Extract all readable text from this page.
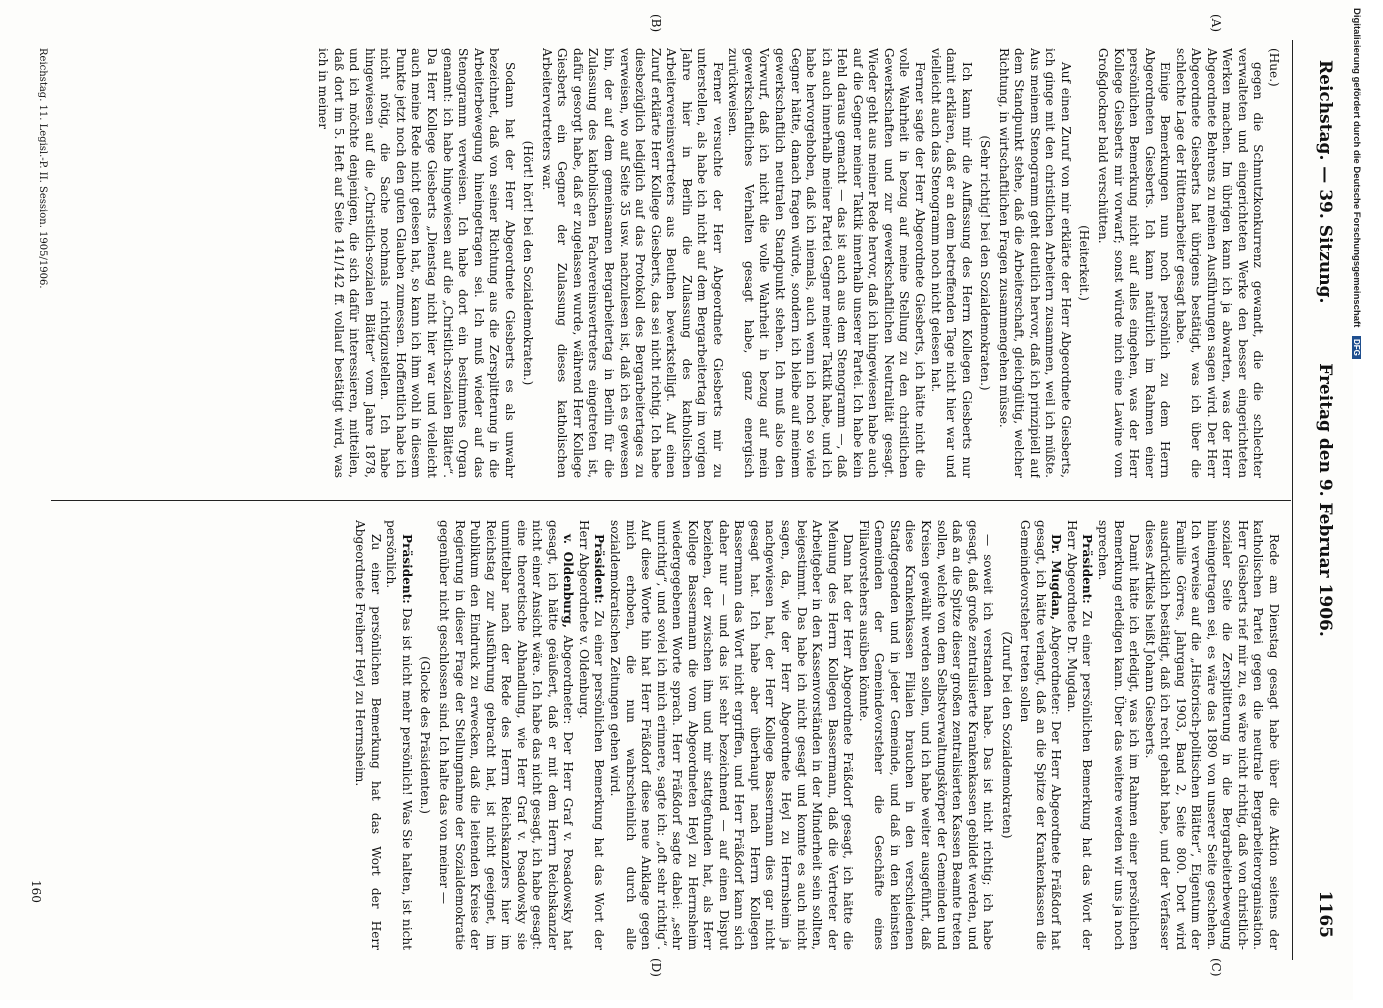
Reichstag. — 39. Sitzung.
Freitag den 9. Februar 1906.
1165
(A)
(B)
(C)
(D)

(Hue.)

gegen die Schmutzkonkurrenz gewandt, die die schlechter verwalteten und eingerichteten Werke den besser eingerichteten Werken machen. Im übrigen kann ich ja abwarten, was der Herr Abgeordnete Behrens zu meinen Ausführungen sagen wird. Der Herr Abgeordnete Giesberts hat übrigens bestätigt, was ich über die schlechte Lage der Hüttenarbeiter gesagt habe.

Einige Bemerkungen nun noch persönlich zu dem Herrn Abgeordneten Giesberts. Ich kann natürlich im Rahmen einer persönlichen Bemerkung nicht auf alles eingehen, was der Herr Kollege Giesberts mir vorwarf; sonst würde mich eine Lawine vom Großglockner bald verschütten.

(Heiterkeit.)

Auf einen Zuruf von mir erklärte der Herr Abgeordnete Giesberts, ich ginge mit den christlichen Arbeitern zusammen, weil ich müßte. Aus meinem Stenogramm geht deutlich hervor, daß ich prinzipiell auf dem Standpunkt stehe, daß die Arbeiterschaft, gleichgültig, welcher Richtung, in wirtschaftlichen Fragen zusammengehen müsse.

(Sehr richtig! bei den Sozialdemokraten.)

Ich kann mir die Auffassung des Herrn Kollegen Giesberts nur damit erklären, daß er an dem betreffenden Tage nicht hier war und vielleicht auch das Stenogramm noch nicht gelesen hat.

Ferner sagte der Herr Abgeordnete Giesberts, ich hätte nicht die volle Wahrheit in bezug auf meine Stellung zu den christlichen Gewerkschaften und zur gewerkschaftlichen Neutralität gesagt. Wieder geht aus meiner Rede hervor, daß ich hingewiesen habe auch auf die Gegner meiner Taktik innerhalb unserer Partei. Ich habe kein Hehl daraus gemacht — das ist auch aus dem Stenogramm —, daß ich auch innerhalb meiner Partei Gegner meiner Taktik habe, und ich habe hervorgehoben, daß ich niemals, auch wenn ich noch so viele Gegner hätte, danach fragen würde, sondern ich bleibe auf meinem gewerkschaftlich neutralen Standpunkt stehen. Ich muß also den Vorwurf, daß ich nicht die volle Wahrheit in bezug auf mein gewerkschaftliches Verhalten gesagt habe, ganz energisch zurückweisen.

Ferner versuchte der Herr Abgeordnete Giesberts mir zu unterstellen, als habe ich nicht auf dem Bergarbeitertag im vorigen Jahre hier in Berlin die Zulassung des katholischen Arbeitervereinsvertreters aus Beuthen bewerkstelligt. Auf einen Zuruf erklärte Herr Kollege Giesberts, das sei nicht richtig. Ich habe diesbezüglich lediglich auf das Protokoll des Bergarbeitertages zu verweisen, wo auf Seite 35 usw. nachzulesen ist, daß ich es gewesen bin, der auf dem gemeinsamen Bergarbeitertag in Berlin für die Zulassung des katholischen Fachvereinsvertreters eingetreten ist, dafür gesorgt habe, daß er zugelassen wurde, während Herr Kollege Giesberts ein Gegner der Zulassung dieses katholischen Arbeitervertreters war.

(Hört! hört! bei den Sozialdemokraten.)

Sodann hat der Herr Abgeordnete Giesberts es als unwahr bezeichnet, daß von seiner Richtung aus die Zersplitterung in die Arbeiterbewegung hineingetragen sei. Ich muß wieder auf das Stenogramm verweisen. Ich habe dort ein bestimmtes Organ genannt: ich habe hingewiesen auf die „Christlich-sozialen Blätter“. Da Herr Kollege Giesberts „Dienstag nicht hier war und vielleicht auch meine Rede nicht gelesen hat, so kann ich ihm wohl in diesem Punkte jetzt noch den guten Glauben zumessen. Hoffentlich habe ich nicht nötig, die Sache nochmals richtigzustellen. Ich habe hingewiesen auf die „Christlich-sozialen Blätter“ vom Jahre 1878, und ich möchte denjenigen, die sich dafür interessieren, mitteilen, daß dort im 5. Heft auf Seite 141/142 ff. vollauf bestätigt wird, was ich in meiner

Rede am Dienstag gesagt habe über die Aktion seitens der katholischen Partei gegen die neutrale Bergarbeiterorganisation. Herr Giesberts rief mir zu, es wäre nicht richtig, daß von christlich-sozialer Seite die Zersplitterung in die Bergarbeiterbewegung hineingetragen sei, es wäre das 1890 von unserer Seite geschehen. Ich verweise auf die „Historisch-politischen Blätter“, Eigentum der Familie Görres, Jahrgang 1903, Band 2, Seite 800. Dort wird ausdrücklich bestätigt, daß ich recht gehabt habe, und der Verfasser dieses Artikels heißt Johann Giesberts.

Damit hätte ich erledigt, was ich im Rahmen einer persönlichen Bemerkung erledigen kann. Über das weitere werden wir uns ja noch sprechen.

Präsident: Zu einer persönlichen Bemerkung hat das Wort der Herr Abgeordnete Dr. Mugdan.

Dr. Mugdan, Abgeordneter: Der Herr Abgeordnete Fräßdorf hat gesagt, ich hätte verlangt, daß an die Spitze der Krankenkassen die Gemeindevorsteher treten sollen

(Zuruf bei den Sozialdemokraten)

— soweit ich verstanden habe. Das ist nicht richtig; ich habe gesagt, daß große zentralisierte Krankenkassen gebildet werden, und daß an die Spitze dieser großen zentralisierten Kassen Beamte treten sollen, welche von dem Selbstverwaltungskörper der Gemeinden und Kreisen gewählt werden sollen, und ich habe weiter ausgeführt, daß diese Krankenkassen Filialen brauchen in den verschiedenen Stadtgegenden und in jeder Gemeinde, und daß in den kleinsten Gemeinden der Gemeindevorsteher die Geschäfte eines Filialvorstehers ausüben könnte.

Dann hat der Herr Abgeordnete Fräßdorf gesagt, ich hätte die Meinung des Herrn Kollegen Bassermann, daß die Vertreter der Arbeitgeber in den Kassenvorständen in der Minderheit sein sollten, beigestimmt. Das habe ich nicht gesagt und konnte es auch nicht sagen, da, wie der Herr Abgeordnete Heyl zu Herrnsheim ja nachgewiesen hat, der Herr Kollege Bassermann dies gar nicht gesagt hat. Ich habe aber überhaupt nach Herrn Kollegen Bassermann das Wort nicht ergriffen, und Herr Fräßdorf kann sich daher nur — und das ist sehr bezeichnend — auf einen Disput beziehen, der zwischen ihm und mir stattgefunden hat, als Herr Kollege Bassermann die vom Abgeordneten Heyl zu Herrnsheim wiedergegebenen Worte sprach. Herr Fräßdorf sagte dabei: „sehr unrichtig“, und soviel ich mich erinnere, sagte ich: „oft sehr richtig“. Auf diese Worte hin hat Herr Fräßdorf diese neue Anklage gegen mich erhoben, die nun wahrscheinlich durch alle sozialdemokratischen Zeitungen gehen wird.

Präsident: Zu einer persönlichen Bemerkung hat das Wort der Herr Abgeordnete v. Oldenburg.

v. Oldenburg, Abgeordneter: Der Herr Graf v. Posadowsky hat gesagt, ich hätte geäußert, daß er mit dem Herrn Reichskanzler nicht einer Ansicht wäre. Ich habe das nicht gesagt, ich habe gesagt: eine theoretische Abhandlung, wie Herr Graf v. Posadowsky sie unmittelbar nach der Rede des Herrn Reichskanzlers hier im Reichstag zur Ausführung gebracht hat, ist nicht geeignet, im Publikum den Eindruck zu erwecken, daß die leitenden Kreise der Regierung in dieser Frage der Stellungnahme der Sozialdemokratie gegenüber nicht geschlossen sind. Ich halte das von meiner —

(Glocke des Präsidenten.)

Präsident: Das ist nicht mehr persönlich! Was Sie halten, ist nicht persönlich.

Zu einer persönlichen Bemerkung hat das Wort der Herr Abgeordnete Freiherr Heyl zu Herrnsheim.

Reichstag. 11. Legisl.-P. II. Session. 1905/1906.
160
Digitalisierung gefördert durch die Deutsche Forschungsgemeinschaft DFG
